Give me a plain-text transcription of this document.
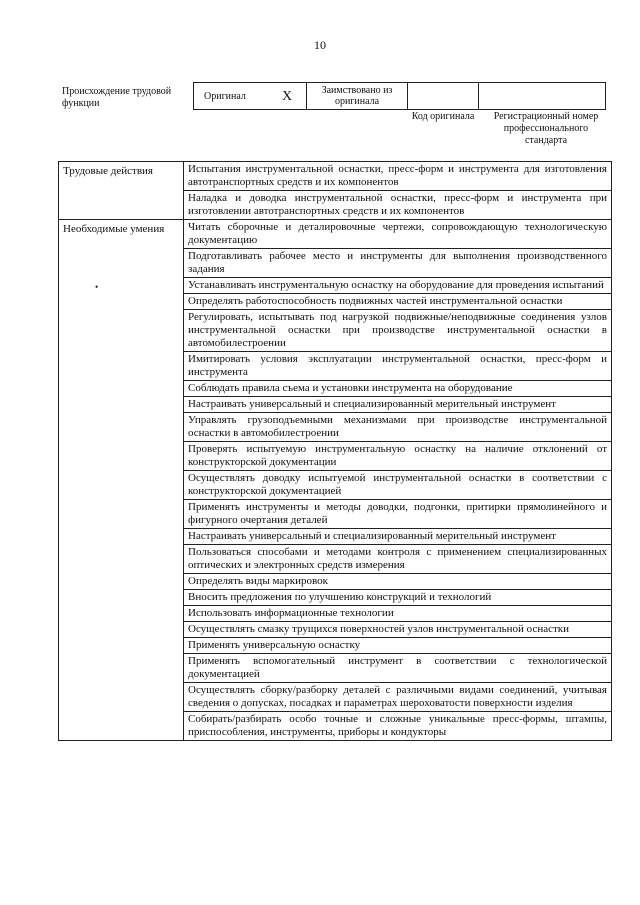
10
Происхождение трудовой функции
Оригинал	X	Заимствовано из оригинала		
Код оригинала	Регистрационный номер профессионального стандарта
Трудовые действия	Испытания инструментальной оснастки, пресс-форм и инструмента для изготовления автотранспортных средств и их компонентов
	Наладка и доводка инструментальной оснастки, пресс-форм и инструмента при изготовлении автотранспортных средств и их компонентов
Необходимые умения	Читать сборочные и деталировочные чертежи, сопровождающую технологическую документацию
	Подготавливать рабочее место и инструменты для выполнения производственного задания
	Устанавливать инструментальную оснастку на оборудование для проведения испытаний
	Определять работоспособность подвижных частей инструментальной оснастки
	Регулировать, испытывать под нагрузкой подвижные/неподвижные соединения узлов инструментальной оснастки при производстве инструментальной оснастки в автомобилестроении
	Имитировать условия эксплуатации инструментальной оснастки, пресс-форм и инструмента
	Соблюдать правила съема и установки инструмента на оборудование
	Настраивать универсальный и специализированный мерительный инструмент
	Управлять грузоподъемными механизмами при производстве инструментальной оснастки в автомобилестроении
	Проверять испытуемую инструментальную оснастку на наличие отклонений от конструкторской документации
	Осуществлять доводку испытуемой инструментальной оснастки в соответствии с конструкторской документацией
	Применять инструменты и методы доводки, подгонки, притирки прямолинейного и фигурного очертания деталей
	Настраивать универсальный и специализированный мерительный инструмент
	Пользоваться способами и методами контроля с применением специализированных оптических и электронных средств измерения
	Определять виды маркировок
	Вносить предложения по улучшению конструкций и технологий
	Использовать информационные технологии
	Осуществлять смазку трущихся поверхностей узлов инструментальной оснастки
	Применять универсальную оснастку
	Применять вспомогательный инструмент в соответствии с технологической документацией
	Осуществлять сборку/разборку деталей с различными видами соединений, учитывая сведения о допусках, посадках и параметрах шероховатости поверхности изделия
	Собирать/разбирать особо точные и сложные уникальные пресс-формы, штампы, приспособления, инструменты, приборы и кондукторы
•
